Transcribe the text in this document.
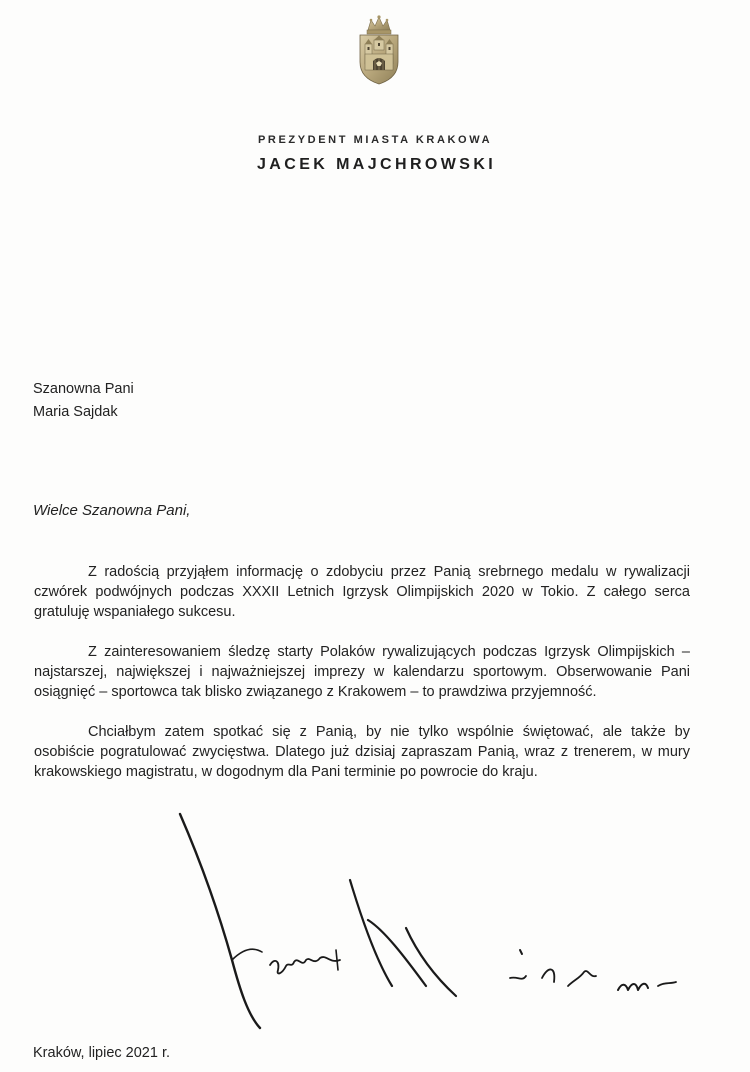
PREZYDENT MIASTA KRAKOWA
JACEK MAJCHROWSKI
Szanowna Pani
Maria Sajdak
Wielce Szanowna Pani,

Z radością przyjąłem informację o zdobyciu przez Panią srebrnego medalu w rywalizacji czwórek podwójnych podczas XXXII Letnich Igrzysk Olimpijskich 2020 w Tokio. Z całego serca gratuluję wspaniałego sukcesu.

Z zainteresowaniem śledzę starty Polaków rywalizujących podczas Igrzysk Olimpijskich – najstarszej, największej i najważniejszej imprezy w kalendarzu sportowym. Obserwowanie Pani osiągnięć – sportowca tak blisko związanego z Krakowem – to prawdziwa przyjemność.

Chciałbym zatem spotkać się z Panią, by nie tylko wspólnie świętować, ale także by osobiście pogratulować zwycięstwa. Dlatego już dzisiaj zapraszam Panią, wraz z trenerem, w mury krakowskiego magistratu, w dogodnym dla Pani terminie po powrocie do kraju.

Kraków, lipiec 2021 r.
